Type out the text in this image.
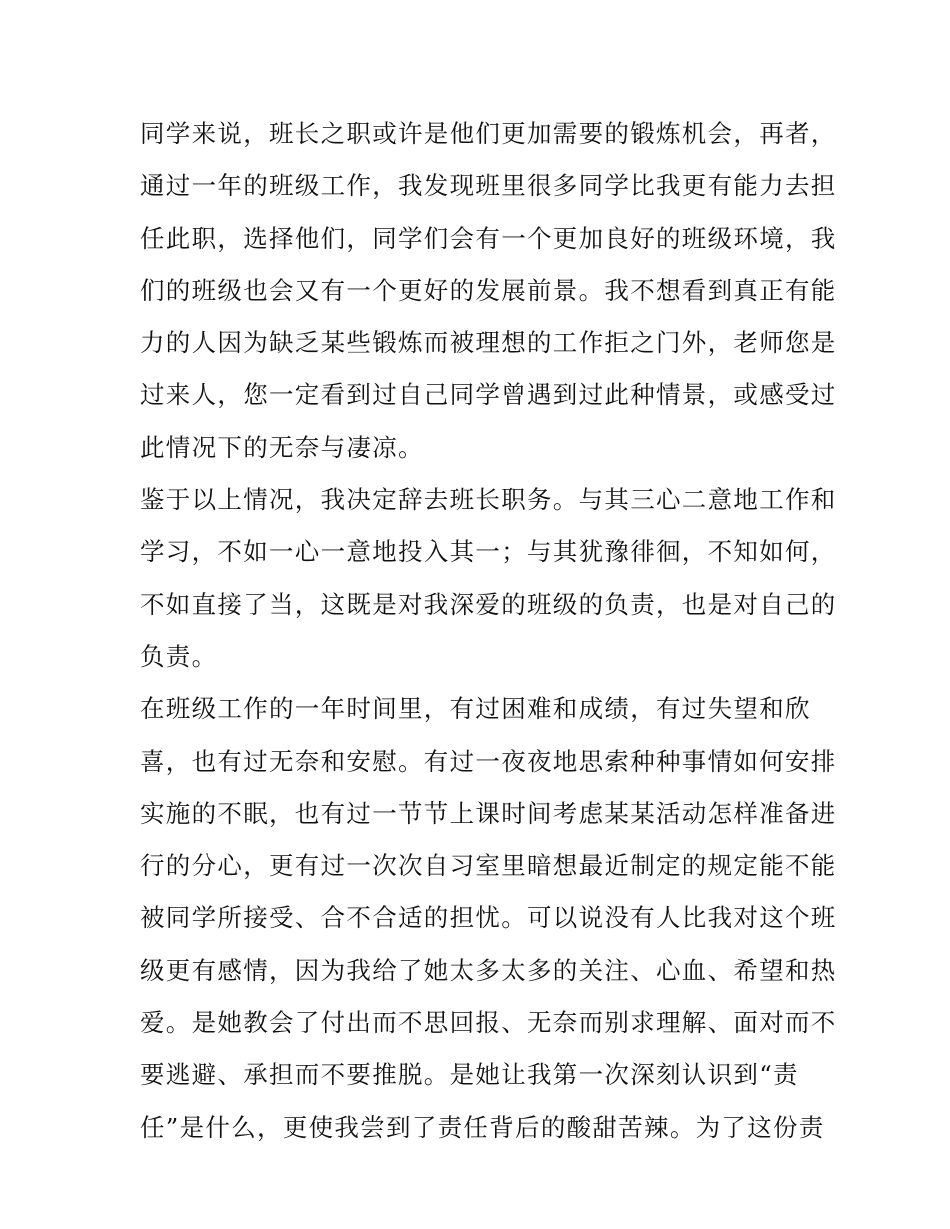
同学来说，班长之职或许是他们更加需要的锻炼机会，再者，
通过一年的班级工作，我发现班里很多同学比我更有能力去担
任此职，选择他们，同学们会有一个更加良好的班级环境，我
们的班级也会又有一个更好的发展前景。我不想看到真正有能
力的人因为缺乏某些锻炼而被理想的工作拒之门外，老师您是
过来人，您一定看到过自己同学曾遇到过此种情景，或感受过
此情况下的无奈与凄凉。
鉴于以上情况，我决定辞去班长职务。与其三心二意地工作和
学习，不如一心一意地投入其一；与其犹豫徘徊，不知如何，
不如直接了当，这既是对我深爱的班级的负责，也是对自己的
负责。
在班级工作的一年时间里，有过困难和成绩，有过失望和欣
喜，也有过无奈和安慰。有过一夜夜地思索种种事情如何安排
实施的不眠，也有过一节节上课时间考虑某某活动怎样准备进
行的分心，更有过一次次自习室里暗想最近制定的规定能不能
被同学所接受、合不合适的担忧。可以说没有人比我对这个班
级更有感情，因为我给了她太多太多的关注、心血、希望和热
爱。是她教会了付出而不思回报、无奈而别求理解、面对而不
要逃避、承担而不要推脱。是她让我第一次深刻认识到“责
任”是什么，更使我尝到了责任背后的酸甜苦辣。为了这份责
